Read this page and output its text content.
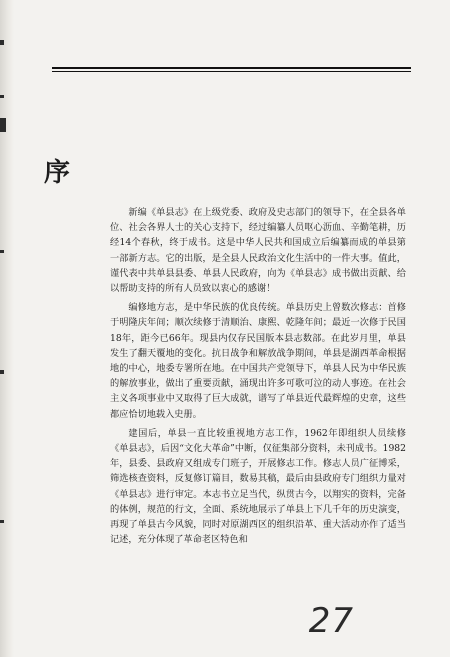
序

新编《单县志》在上级党委、政府及史志部门的领导下，在全县各单位、社会各界人士的关心支持下，经过编纂人员呕心沥血、辛勤笔耕，历经14个春秋，终于成书。这是中华人民共和国成立后编纂而成的单县第一部新方志。它的出版，是全县人民政治文化生活中的一件大事。值此，谨代表中共单县县委、单县人民政府，向为《单县志》成书做出贡献、给以帮助支持的所有人员致以衷心的感谢！

编修地方志，是中华民族的优良传统。单县历史上曾数次修志：首修于明隆庆年间；顺次续修于清顺治、康熙、乾隆年间；最近一次修于民国18年，距今已66年。现县内仅存民国版本县志数部。在此岁月里，单县发生了翻天覆地的变化。抗日战争和解放战争期间，单县是湖西革命根据地的中心，地委专署所在地。在中国共产党领导下，单县人民为中华民族的解放事业，做出了重要贡献，涌现出许多可歌可泣的动人事迹。在社会主义各项事业中又取得了巨大成就，谱写了单县近代最辉煌的史章，这些都应恰切地载入史册。

建国后，单县一直比较重视地方志工作，1962年即组织人员续修《单县志》，后因“文化大革命”中断，仅征集部分资料，未刊成书。1982年，县委、县政府又组成专门班子，开展修志工作。修志人员广征博采，筛选核查资料，反复修订篇目，数易其稿，最后由县政府专门组织力量对《单县志》进行审定。本志书立足当代，纵贯古今，以翔实的资料，完备的体例，规范的行文，全面、系统地展示了单县上下几千年的历史演变，再现了单县古今风貌，同时对原湖西区的组织沿革、重大活动亦作了适当记述，充分体现了革命老区特色和

27
